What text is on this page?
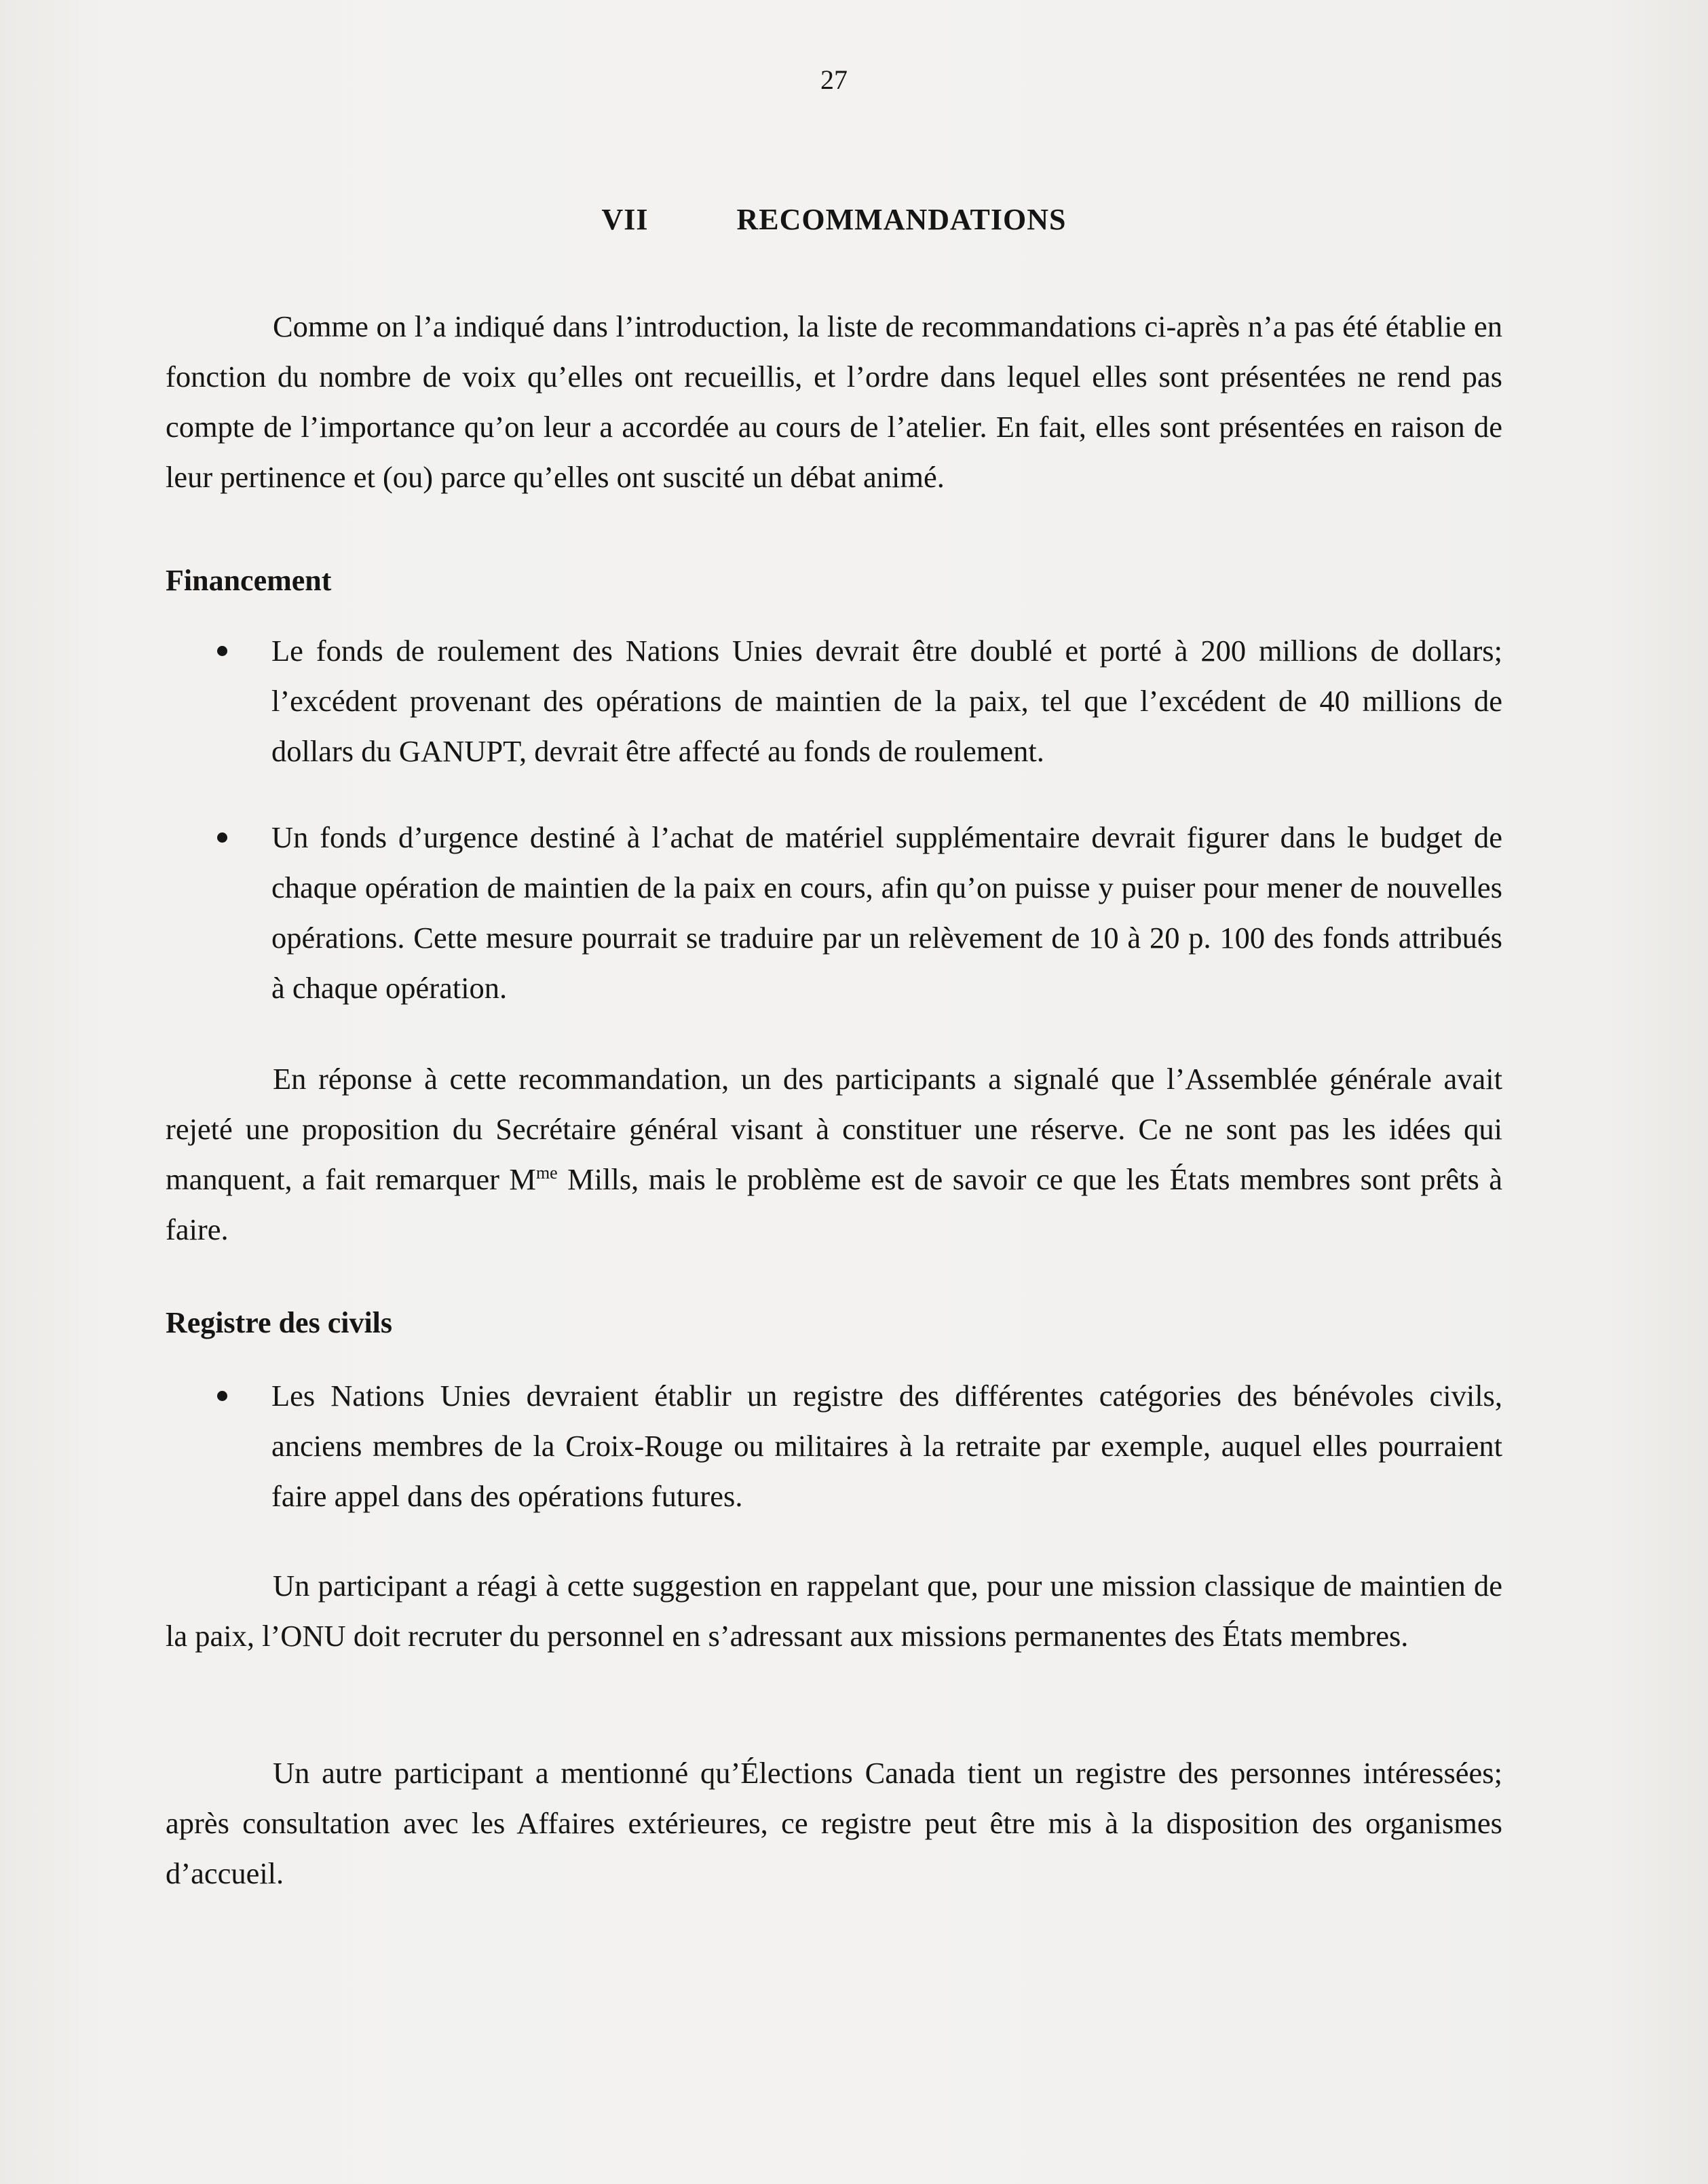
27
VII	RECOMMANDATIONS
Comme on l’a indiqué dans l’introduction, la liste de recommandations ci-après n’a pas été établie en fonction du nombre de voix qu’elles ont recueillis, et l’ordre dans lequel elles sont présentées ne rend pas compte de l’importance qu’on leur a accordée au cours de l’atelier. En fait, elles sont présentées en raison de leur pertinence et (ou) parce qu’elles ont suscité un débat animé.
Financement
Le fonds de roulement des Nations Unies devrait être doublé et porté à 200 millions de dollars; l’excédent provenant des opérations de maintien de la paix, tel que l’excédent de 40 millions de dollars du GANUPT, devrait être affecté au fonds de roulement.
Un fonds d’urgence destiné à l’achat de matériel supplémentaire devrait figurer dans le budget de chaque opération de maintien de la paix en cours, afin qu’on puisse y puiser pour mener de nouvelles opérations. Cette mesure pourrait se traduire par un relèvement de 10 à 20 p. 100 des fonds attribués à chaque opération.
En réponse à cette recommandation, un des participants a signalé que l’Assemblée générale avait rejeté une proposition du Secrétaire général visant à constituer une réserve. Ce ne sont pas les idées qui manquent, a fait remarquer $M^{me}$ Mills, mais le problème est de savoir ce que les États membres sont prêts à faire.
Registre des civils
Les Nations Unies devraient établir un registre des différentes catégories des bénévoles civils, anciens membres de la Croix-Rouge ou militaires à la retraite par exemple, auquel elles pourraient faire appel dans des opérations futures.
Un participant a réagi à cette suggestion en rappelant que, pour une mission classique de maintien de la paix, l’ONU doit recruter du personnel en s’adressant aux missions permanentes des États membres.
Un autre participant a mentionné qu’Élections Canada tient un registre des personnes intéressées; après consultation avec les Affaires extérieures, ce registre peut être mis à la disposition des organismes d’accueil.
